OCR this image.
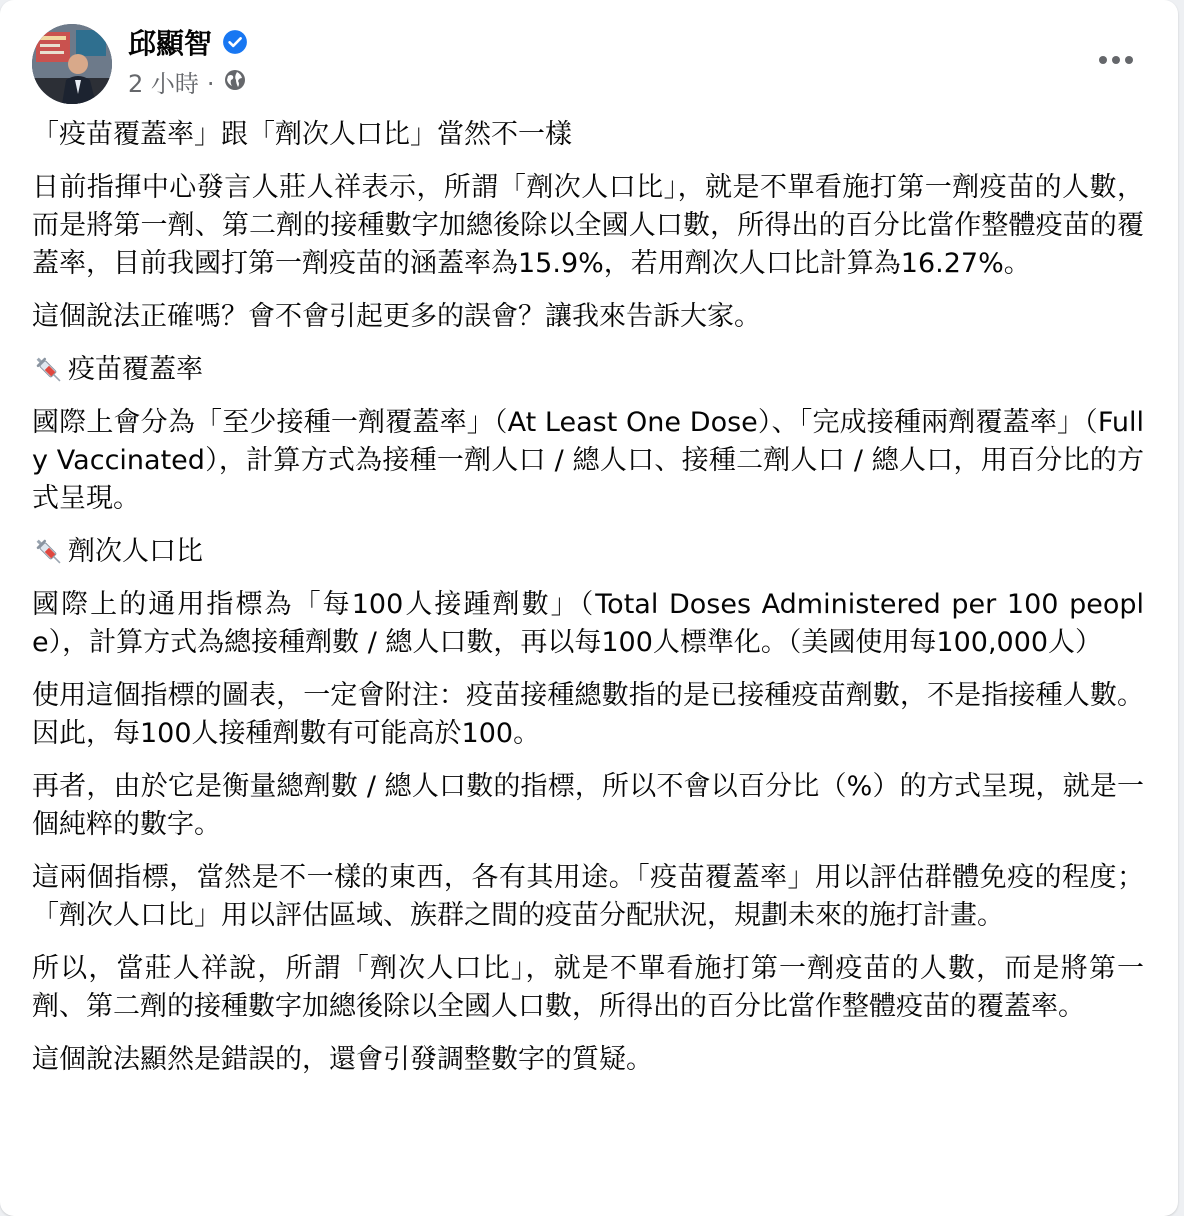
邱顯智
2 小時 ·

「疫苗覆蓋率」跟「劑次人口比」當然不一樣

日前指揮中心發言人莊人祥表示，所謂「劑次人口比」，就是不單看施打第一劑疫苗的人數，而是將第一劑、第二劑的接種數字加總後除以全國人口數，所得出的百分比當作整體疫苗的覆蓋率，目前我國打第一劑疫苗的涵蓋率為15.9%，若用劑次人口比計算為16.27%。

這個說法正確嗎？會不會引起更多的誤會？讓我來告訴大家。

疫苗覆蓋率

國際上會分為「至少接種一劑覆蓋率」（At Least One Dose）、「完成接種兩劑覆蓋率」（Fully Vaccinated），計算方式為接種一劑人口 / 總人口、接種二劑人口 / 總人口，用百分比的方式呈現。

劑次人口比

國際上的通用指標為「每100人接踵劑數」（Total Doses Administered per 100 people），計算方式為總接種劑數 / 總人口數，再以每100人標準化。（美國使用每100,000人）

使用這個指標的圖表，一定會附注：疫苗接種總數指的是已接種疫苗劑數，不是指接種人數。因此，每100人接種劑數有可能高於100。

再者，由於它是衡量總劑數 / 總人口數的指標，所以不會以百分比（%）的方式呈現，就是一個純粹的數字。

這兩個指標，當然是不一樣的東西，各有其用途。「疫苗覆蓋率」用以評估群體免疫的程度；「劑次人口比」用以評估區域、族群之間的疫苗分配狀況，規劃未來的施打計畫。

所以，當莊人祥說，所謂「劑次人口比」，就是不單看施打第一劑疫苗的人數，而是將第一劑、第二劑的接種數字加總後除以全國人口數，所得出的百分比當作整體疫苗的覆蓋率。

這個說法顯然是錯誤的，還會引發調整數字的質疑。
